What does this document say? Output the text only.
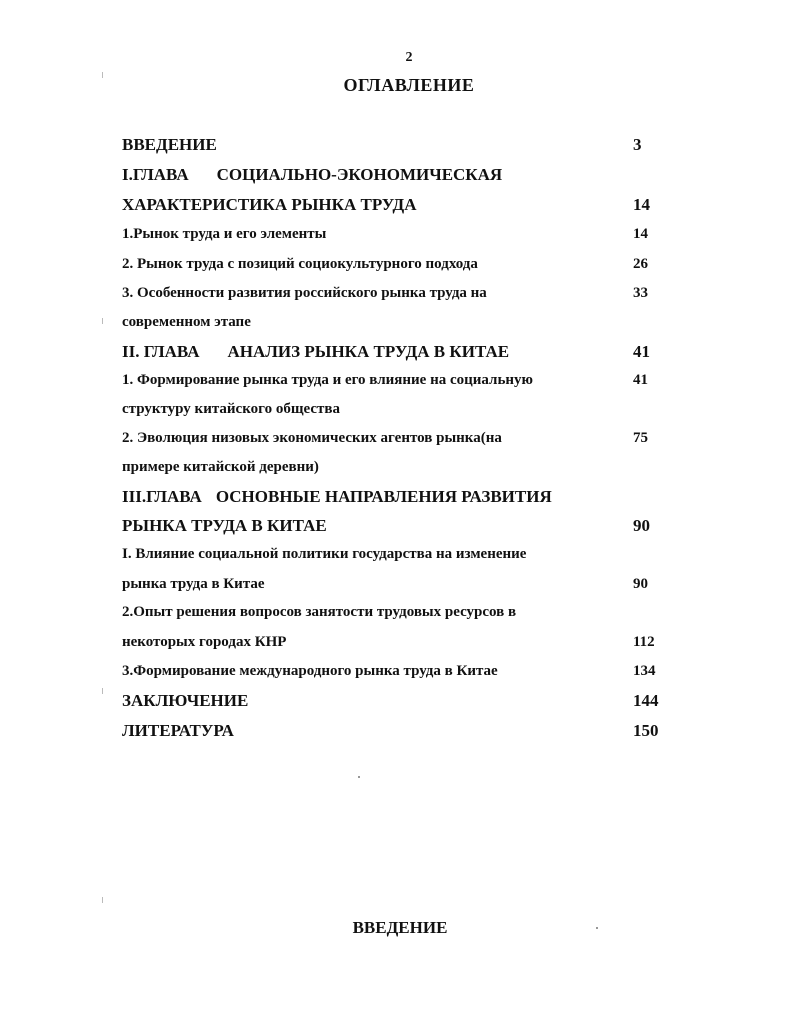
2
ОГЛАВЛЕНИЕ
ВВЕДЕНИЕ	3
I.ГЛАВА СОЦИАЛЬНО-ЭКОНОМИЧЕСКАЯ
ХАРАКТЕРИСТИКА РЫНКА ТРУДА	14
1.Рынок труда и его элементы	14
2. Рынок труда с позиций социокультурного подхода	26
3. Особенности развития российского рынка труда на	33
современном этапе
II. ГЛАВА АНАЛИЗ РЫНКА ТРУДА В КИТАЕ	41
1. Формирование рынка труда и его влияние на социальную	41
структуру китайского общества
2. Эволюция низовых экономических агентов рынка(на	75
примере китайской деревни)
III.ГЛАВА ОСНОВНЫЕ НАПРАВЛЕНИЯ РАЗВИТИЯ
РЫНКА ТРУДА В КИТАЕ	90
I. Влияние социальной политики государства на изменение
рынка труда в Китае	90
2.Опыт решения вопросов занятости трудовых ресурсов в
некоторых городах КНР	112
3.Формирование международного рынка труда в Китае	134
ЗАКЛЮЧЕНИЕ	144
ЛИТЕРАТУРА	150
ВВЕДЕНИЕ
